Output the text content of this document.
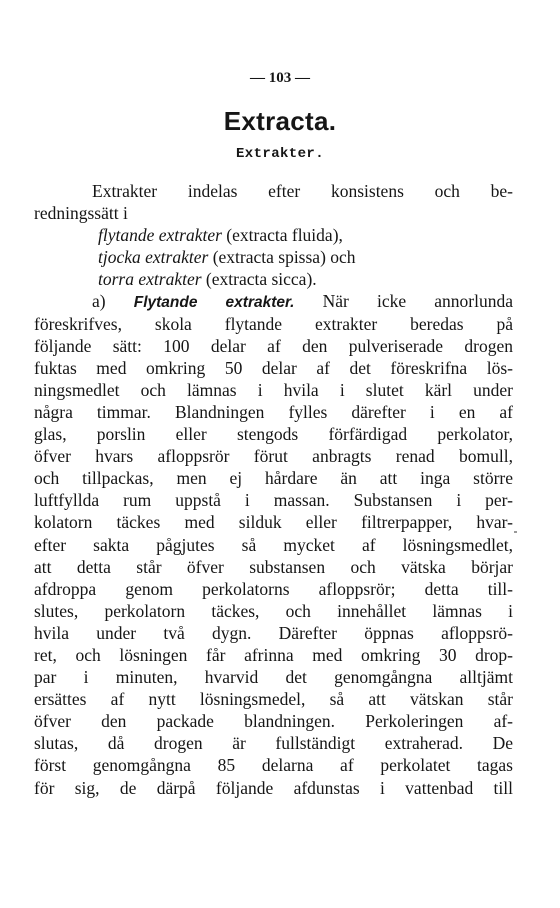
— 103 —
Extracta.
Extrakter.
Extrakter indelas efter konsistens och be-
redningssätt i
flytande extrakter (extracta fluida),
tjocka extrakter (extracta spissa) och
torra extrakter (extracta sicca).
a) Flytande extrakter. När icke annorlunda
föreskrifves, skola flytande extrakter beredas på
följande sätt: 100 delar af den pulveriserade drogen
fuktas med omkring 50 delar af det föreskrifna lös-
ningsmedlet och lämnas i hvila i slutet kärl under
några timmar. Blandningen fylles därefter i en af
glas, porslin eller stengods förfärdigad perkolator,
öfver hvars afloppsrör förut anbragts renad bomull,
och tillpackas, men ej hårdare än att inga större
luftfyllda rum uppstå i massan. Substansen i per-
kolatorn täckes med silduk eller filtrerpapper, hvar-
efter sakta pågjutes så mycket af lösningsmedlet,
att detta står öfver substansen och vätska börjar
afdroppa genom perkolatorns afloppsrör; detta till-
slutes, perkolatorn täckes, och innehållet lämnas i
hvila under två dygn. Därefter öppnas afloppsrö-
ret, och lösningen får afrinna med omkring 30 drop-
par i minuten, hvarvid det genomgångna alltjämt
ersättes af nytt lösningsmedel, så att vätskan står
öfver den packade blandningen. Perkoleringen af-
slutas, då drogen är fullständigt extraherad. De
först genomgångna 85 delarna af perkolatet tagas
för sig, de därpå följande afdunstas i vattenbad till
